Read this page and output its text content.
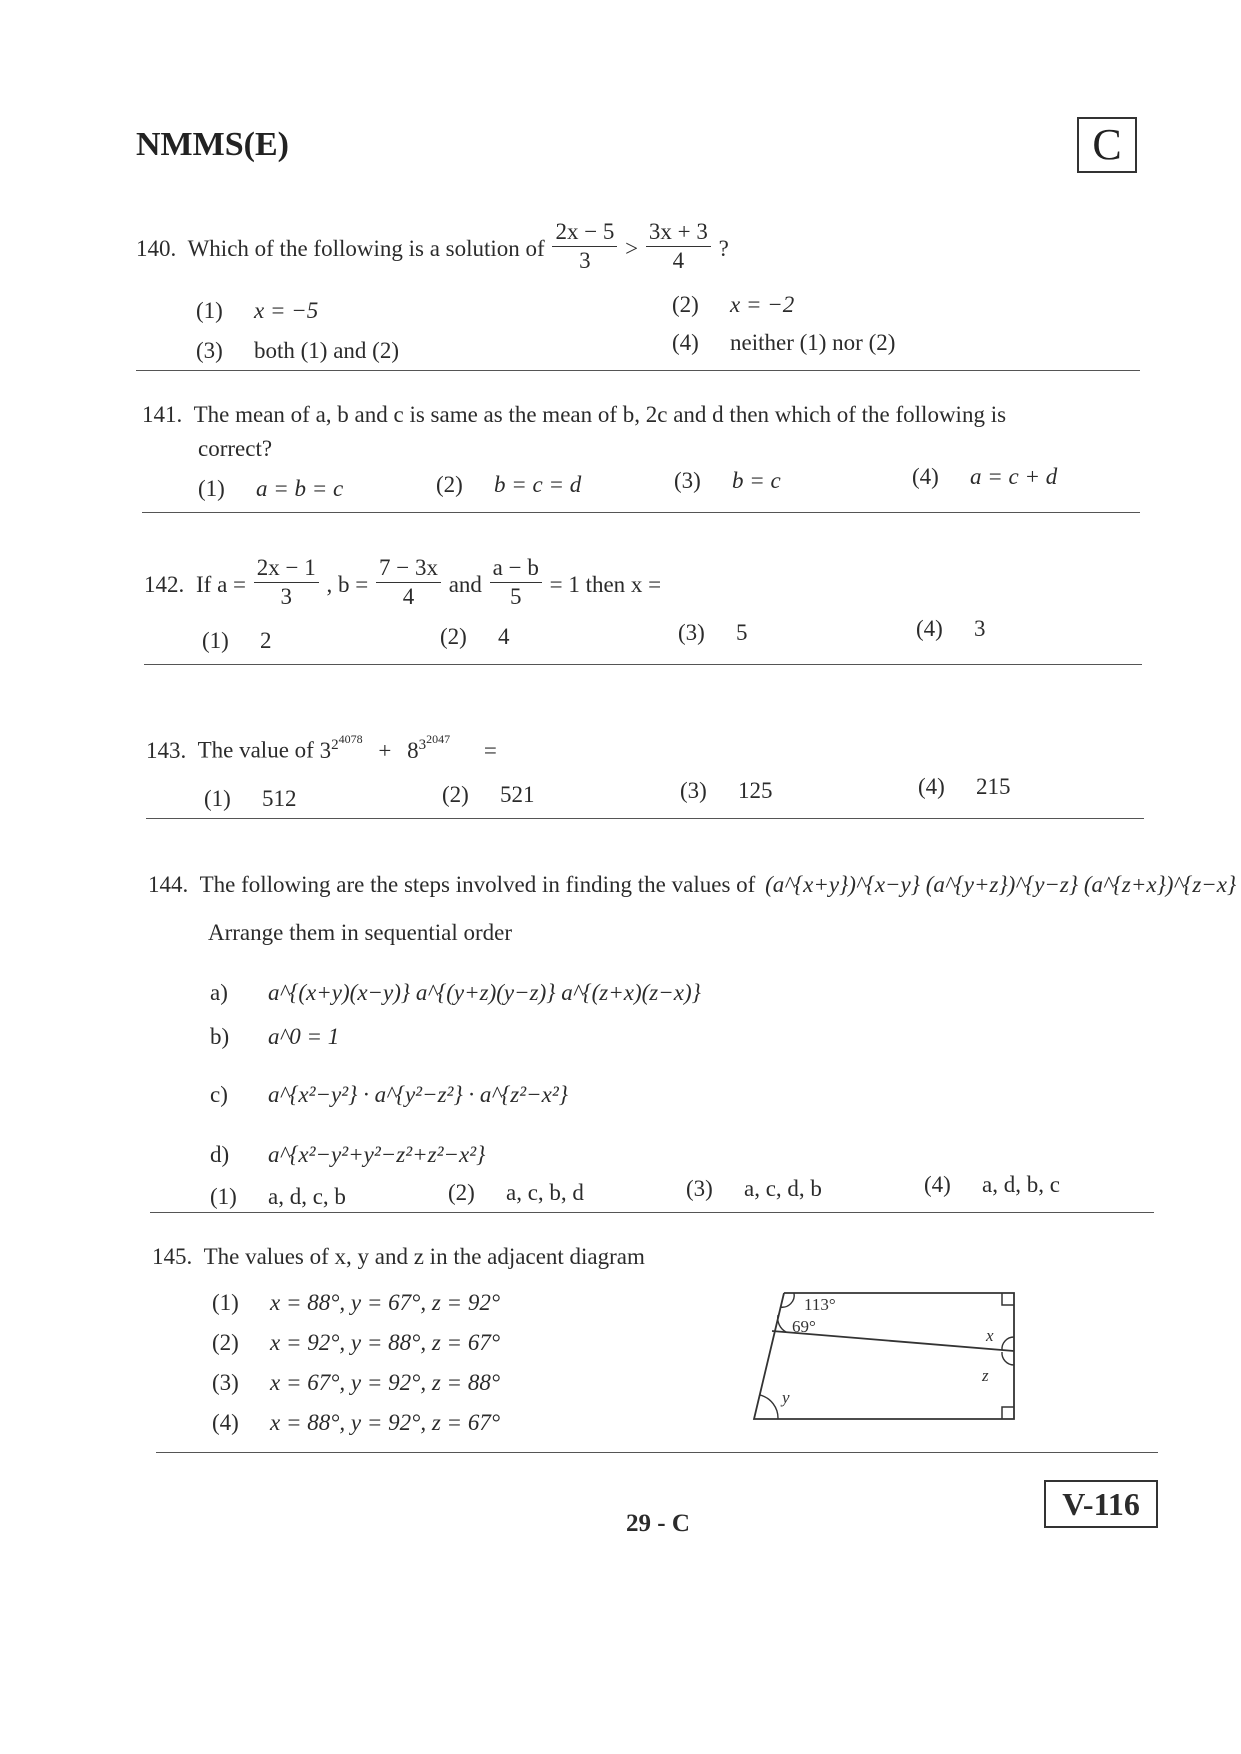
NMMS(E)	C
140. Which of the following is a solution of $\frac{2x - 5}{3} > \frac{3x + 3}{4}$ ?
(1) x = −5	(2) x = −2
(3) both (1) and (2)	(4) neither (1) nor (2)
141. The mean of a, b and c is same as the mean of b, 2c and d then which of the following is
correct?
(1) a = b = c	(2) b = c = d	(3) b = c	(4) a = c + d
142. If $a = \frac{2x - 1}{3}$ , $b = \frac{7 - 3x}{4}$ and $\frac{a - b}{5} = 1$ then x =
(1) 2	(2) 4	(3) 5	(4) 3
143. The value of $3^{2^{4078}} + 8^{3^{2047}}$ =
(1) 512	(2) 521	(3) 125	(4) 215
144. The following are the steps involved in finding the values of (a^{x+y})^{x−y} (a^{y+z})^{y−z} (a^{z+x})^{z−x}
Arrange them in sequential order
a) a^{(x+y)(x−y)} a^{(y+z)(y−z)} a^{(z+x)(z−x)}
b) a^0 = 1
c) a^{x²−y²} · a^{y²−z²} · a^{z²−x²}
d) a^{x²−y²+y²−z²+z²−x²}
(1) a, d, c, b	(2) a, c, b, d	(3) a, c, d, b	(4) a, d, b, c
145. The values of x, y and z in the adjacent diagram
(1) x = 88°, y = 67°, z = 92°
(2) x = 92°, y = 88°, z = 67°
(3) x = 67°, y = 92°, z = 88°
(4) x = 88°, y = 92°, z = 67°
113°
69°	x
z
y
V-116
29 - C
